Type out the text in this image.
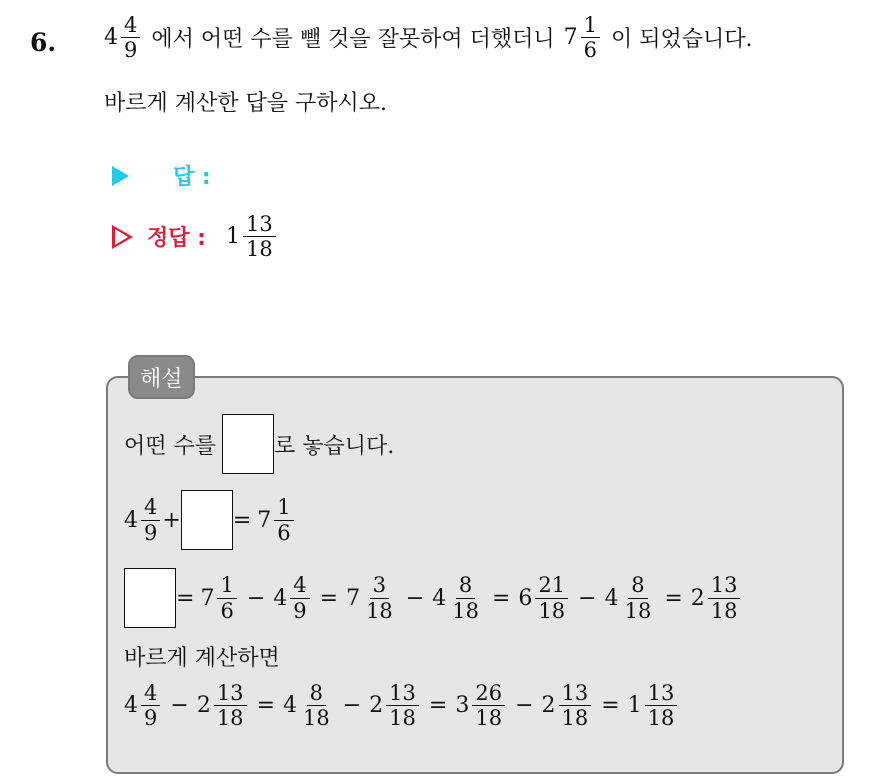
6. $4 \frac{4}{9}$ 에서 어떤 수를 뺄 것을 잘못하여 더했더니 $7 \frac{1}{6}$ 이 되었습니다.
바르게 계산한 답을 구하시오.
답 :
정답 : $1 \frac{13}{18}$
해설
어떤 수를	로 놓습니다.
$4 \frac{4}{9}$ + = $7 \frac{1}{6}$
= $7 \frac{1}{6} - 4 \frac{4}{9} = 7 \frac{3}{18} - 4 \frac{8}{18} = 6 \frac{21}{18} - 4 \frac{8}{18} = 2 \frac{13}{18}$
바르게 계산하면
$4 \frac{4}{9} - 2 \frac{13}{18} = 4 \frac{8}{18} - 2 \frac{13}{18} = 3 \frac{26}{18} - 2 \frac{13}{18} = 1 \frac{13}{18}$
